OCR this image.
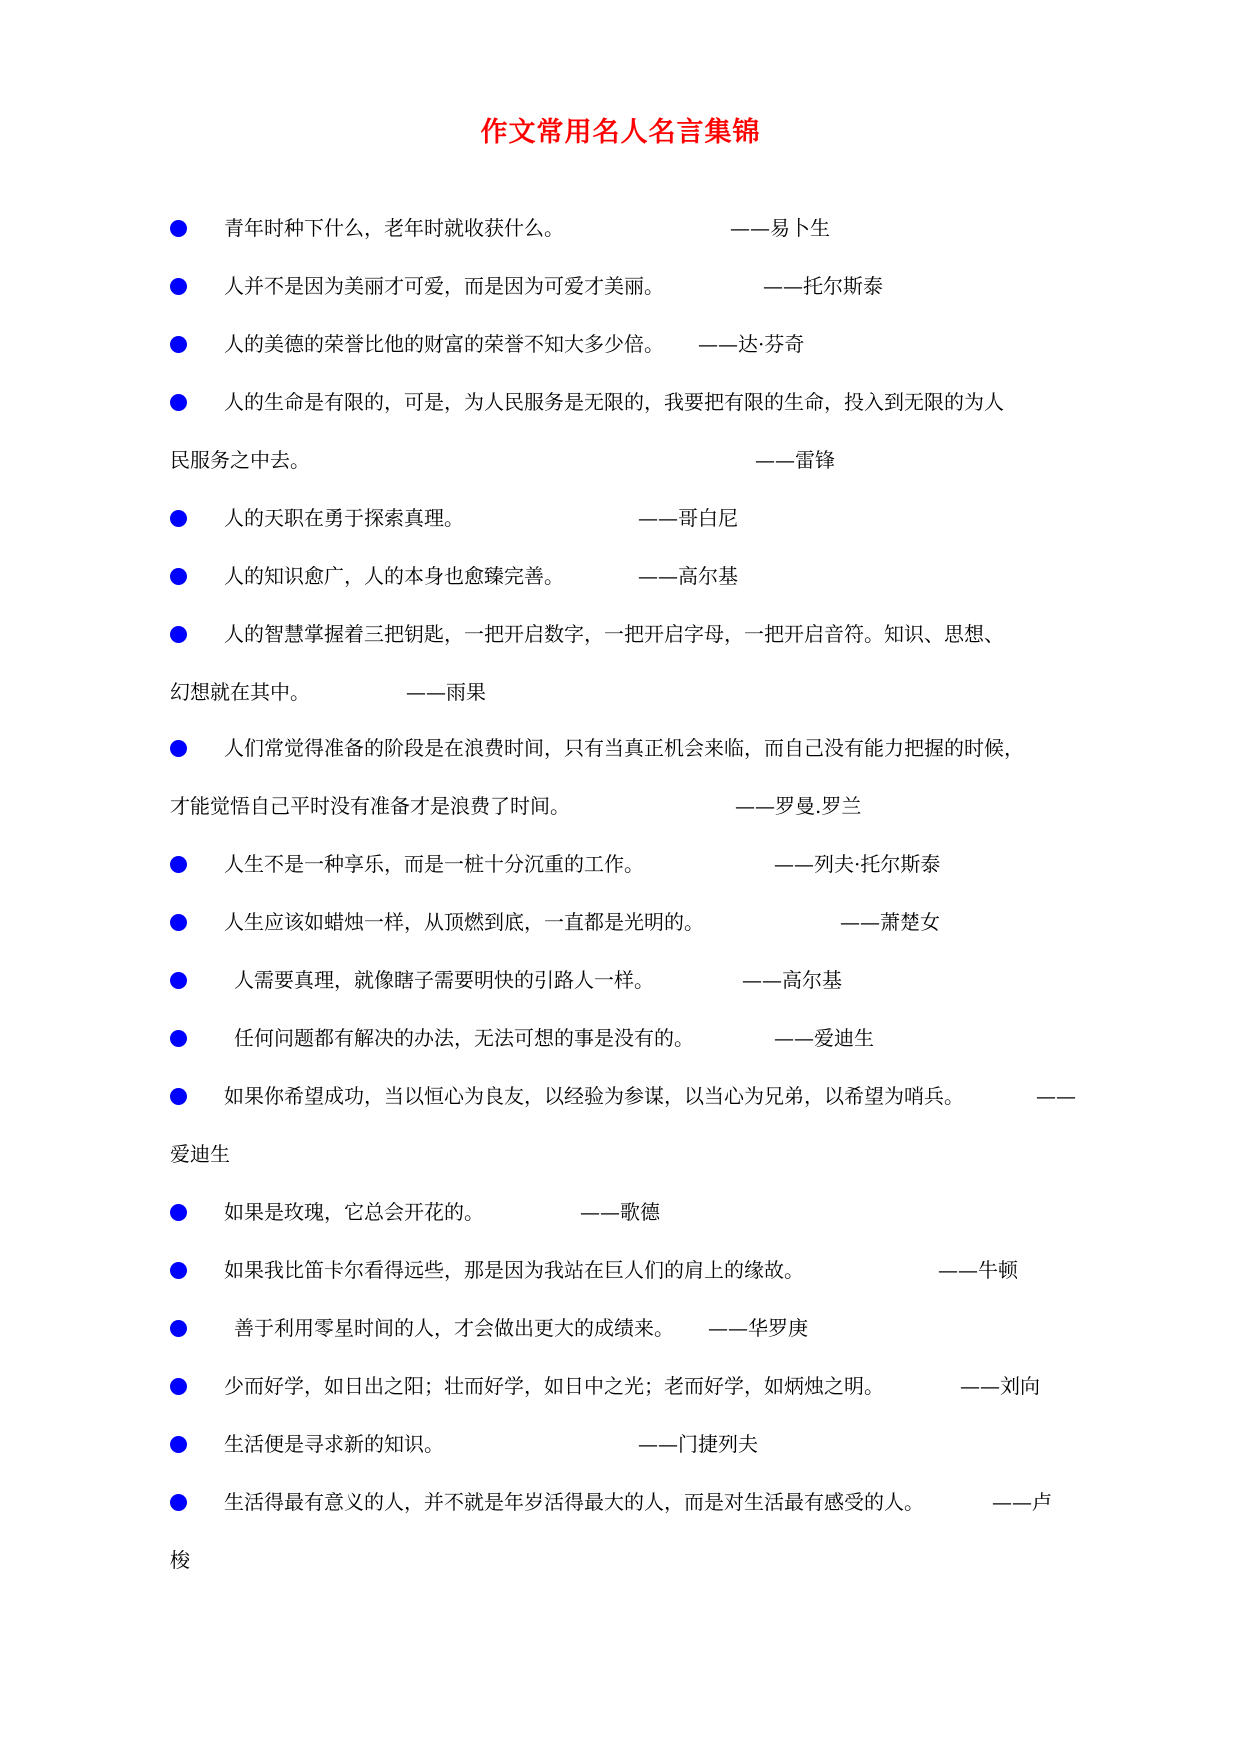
作文常用名人名言集锦
青年时种下什么，老年时就收获什么。	——易卜生
人并不是因为美丽才可爱，而是因为可爱才美丽。	——托尔斯泰
人的美德的荣誉比他的财富的荣誉不知大多少倍。 ——达·芬奇
人的生命是有限的，可是，为人民服务是无限的，我要把有限的生命，投入到无限的为人
民服务之中去。	——雷锋
人的天职在勇于探索真理。	——哥白尼
人的知识愈广，人的本身也愈臻完善。	——高尔基
人的智慧掌握着三把钥匙，一把开启数字，一把开启字母，一把开启音符。知识、思想、
幻想就在其中。	——雨果
人们常觉得准备的阶段是在浪费时间，只有当真正机会来临，而自己没有能力把握的时候，
才能觉悟自己平时没有准备才是浪费了时间。	——罗曼.罗兰
人生不是一种享乐，而是一桩十分沉重的工作。	——列夫·托尔斯泰
人生应该如蜡烛一样，从顶燃到底，一直都是光明的。	——萧楚女
人需要真理，就像瞎子需要明快的引路人一样。	——高尔基
任何问题都有解决的办法，无法可想的事是没有的。	——爱迪生
如果你希望成功，当以恒心为良友，以经验为参谋，以当心为兄弟，以希望为哨兵。	——
爱迪生
如果是玫瑰，它总会开花的。	——歌德
如果我比笛卡尔看得远些，那是因为我站在巨人们的肩上的缘故。	——牛顿
善于利用零星时间的人，才会做出更大的成绩来。 ——华罗庚
少而好学，如日出之阳；壮而好学，如日中之光；老而好学，如炳烛之明。	——刘向
生活便是寻求新的知识。	——门捷列夫
生活得最有意义的人，并不就是年岁活得最大的人，而是对生活最有感受的人。	——卢
梭
